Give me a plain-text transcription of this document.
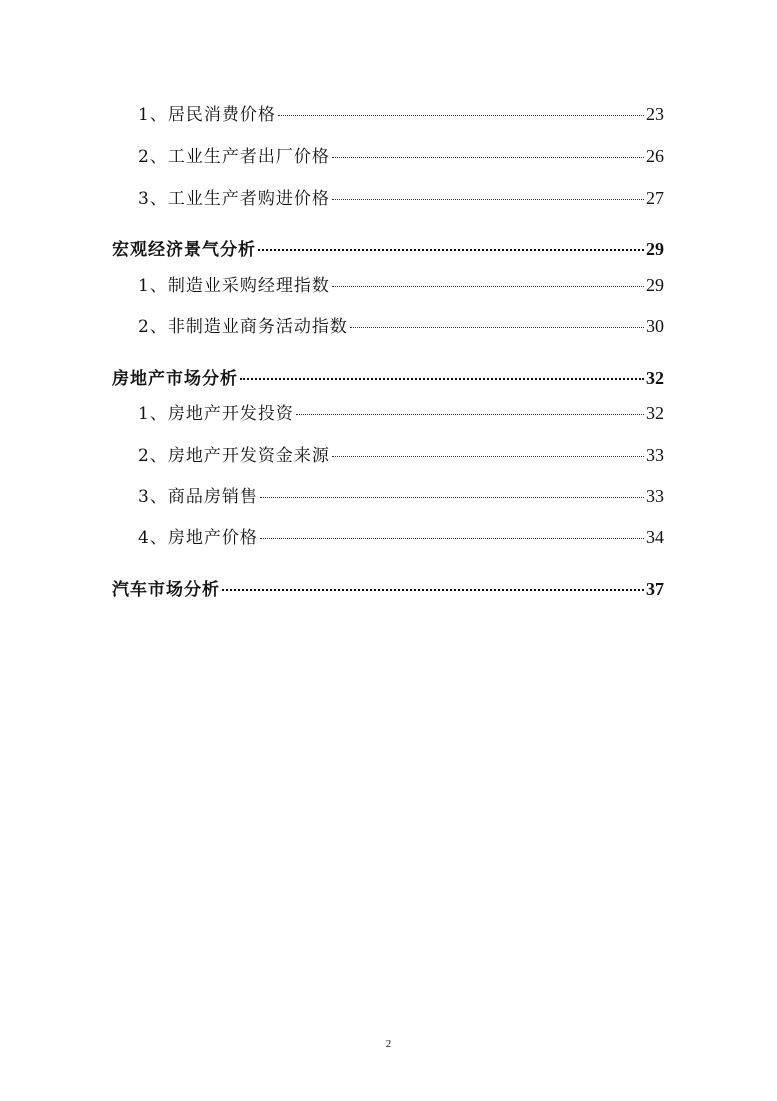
1、居民消费价格	23
2、工业生产者出厂价格	26
3、工业生产者购进价格	27
宏观经济景气分析	29
1、制造业采购经理指数	29
2、非制造业商务活动指数	30
房地产市场分析	32
1、房地产开发投资	32
2、房地产开发资金来源	33
3、商品房销售	33
4、房地产价格	34
汽车市场分析	37
2
